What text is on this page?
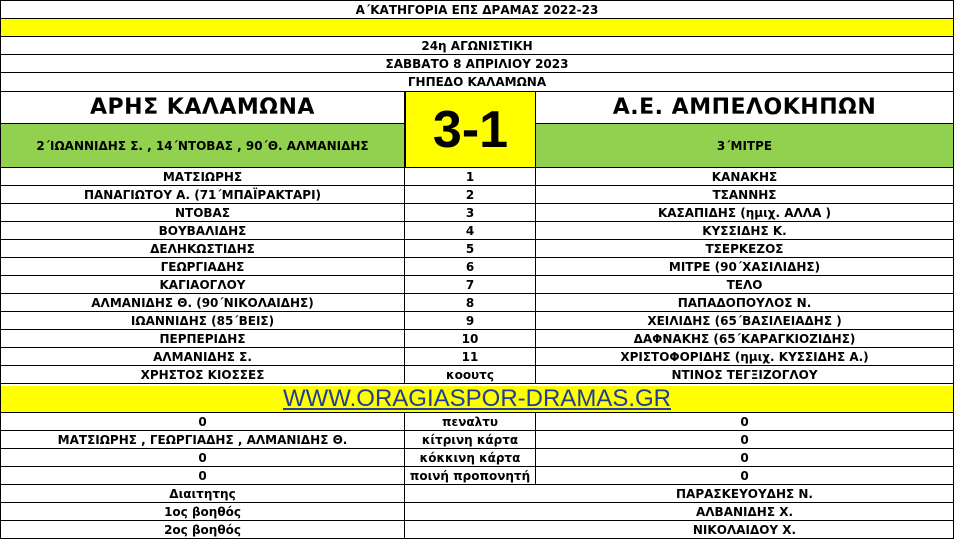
Α΄ΚΑΤΗΓΟΡΙΑ ΕΠΣ ΔΡΑΜΑΣ 2022-23
24η ΑΓΩΝΙΣΤΙΚΗ
ΣΑΒΒΑΤΟ 8 ΑΠΡΙΛΙΟΥ 2023
ΓΗΠΕΔΟ ΚΑΛΑΜΩΝΑ
ΑΡΗΣ ΚΑΛΑΜΩΝΑ	Α.Ε. ΑΜΠΕΛΟΚΗΠΩΝ
2΄ΙΩΑΝΝΙΔΗΣ Σ. , 14΄ΝΤΟΒΑΣ , 90΄Θ. ΑΛΜΑΝΙΔΗΣ	3΄ΜΙΤΡΕ
3-1
ΜΑΤΣΙΩΡΗΣ	1	ΚΑΝΑΚΗΣ
ΠΑΝΑΓΙΩΤΟΥ Α. (71΄ΜΠΑΪΡΑΚΤΑΡΙ)	2	ΤΣΑΝΝΗΣ
ΝΤΟΒΑΣ	3	ΚΑΣΑΠΙΔΗΣ (ημιχ. ΑΛΛΑ )
ΒΟΥΒΑΛΙΔΗΣ	4	ΚΥΣΣΙΔΗΣ Κ.
ΔΕΛΗΚΩΣΤΙΔΗΣ	5	ΤΣΕΡΚΕΖΟΣ
ΓΕΩΡΓΙΑΔΗΣ	6	ΜΙΤΡΕ (90΄ΧΑΣΙΛΙΔΗΣ)
ΚΑΓΙΑΟΓΛΟΥ	7	ΤΕΛΟ
ΑΛΜΑΝΙΔΗΣ Θ. (90΄ΝΙΚΟΛΑΙΔΗΣ)	8	ΠΑΠΑΔΟΠΟΥΛΟΣ Ν.
ΙΩΑΝΝΙΔΗΣ (85΄ΒΕΙΣ)	9	ΧΕΙΛΙΔΗΣ (65΄ΒΑΣΙΛΕΙΑΔΗΣ )
ΠΕΡΠΕΡΙΔΗΣ	10	ΔΑΦΝΑΚΗΣ (65΄ΚΑΡΑΓΚΙΟΖΙΔΗΣ)
ΑΛΜΑΝΙΔΗΣ Σ.	11	ΧΡΙΣΤΟΦΟΡΙΔΗΣ (ημιχ. ΚΥΣΣΙΔΗΣ Α.)
ΧΡΗΣΤΟΣ ΚΙΟΣΣΕΣ	κοουτς	ΝΤΙΝΟΣ ΤΕΓΞΙΖΟΓΛΟΥ
WWW.ORAGIASPOR-DRAMAS.GR
0	πεναλτυ	0
ΜΑΤΣΙΩΡΗΣ , ΓΕΩΡΓΙΑΔΗΣ , ΑΛΜΑΝΙΔΗΣ Θ.	κίτρινη κάρτα	0
0	κόκκινη κάρτα	0
0	ποινή προπονητή	0
Διαιτητης	ΠΑΡΑΣΚΕΥΟΥΔΗΣ Ν.
1ος βοηθός	ΑΛΒΑΝΙΔΗΣ Χ.
2ος βοηθός	ΝΙΚΟΛΑΙΔΟΥ Χ.
